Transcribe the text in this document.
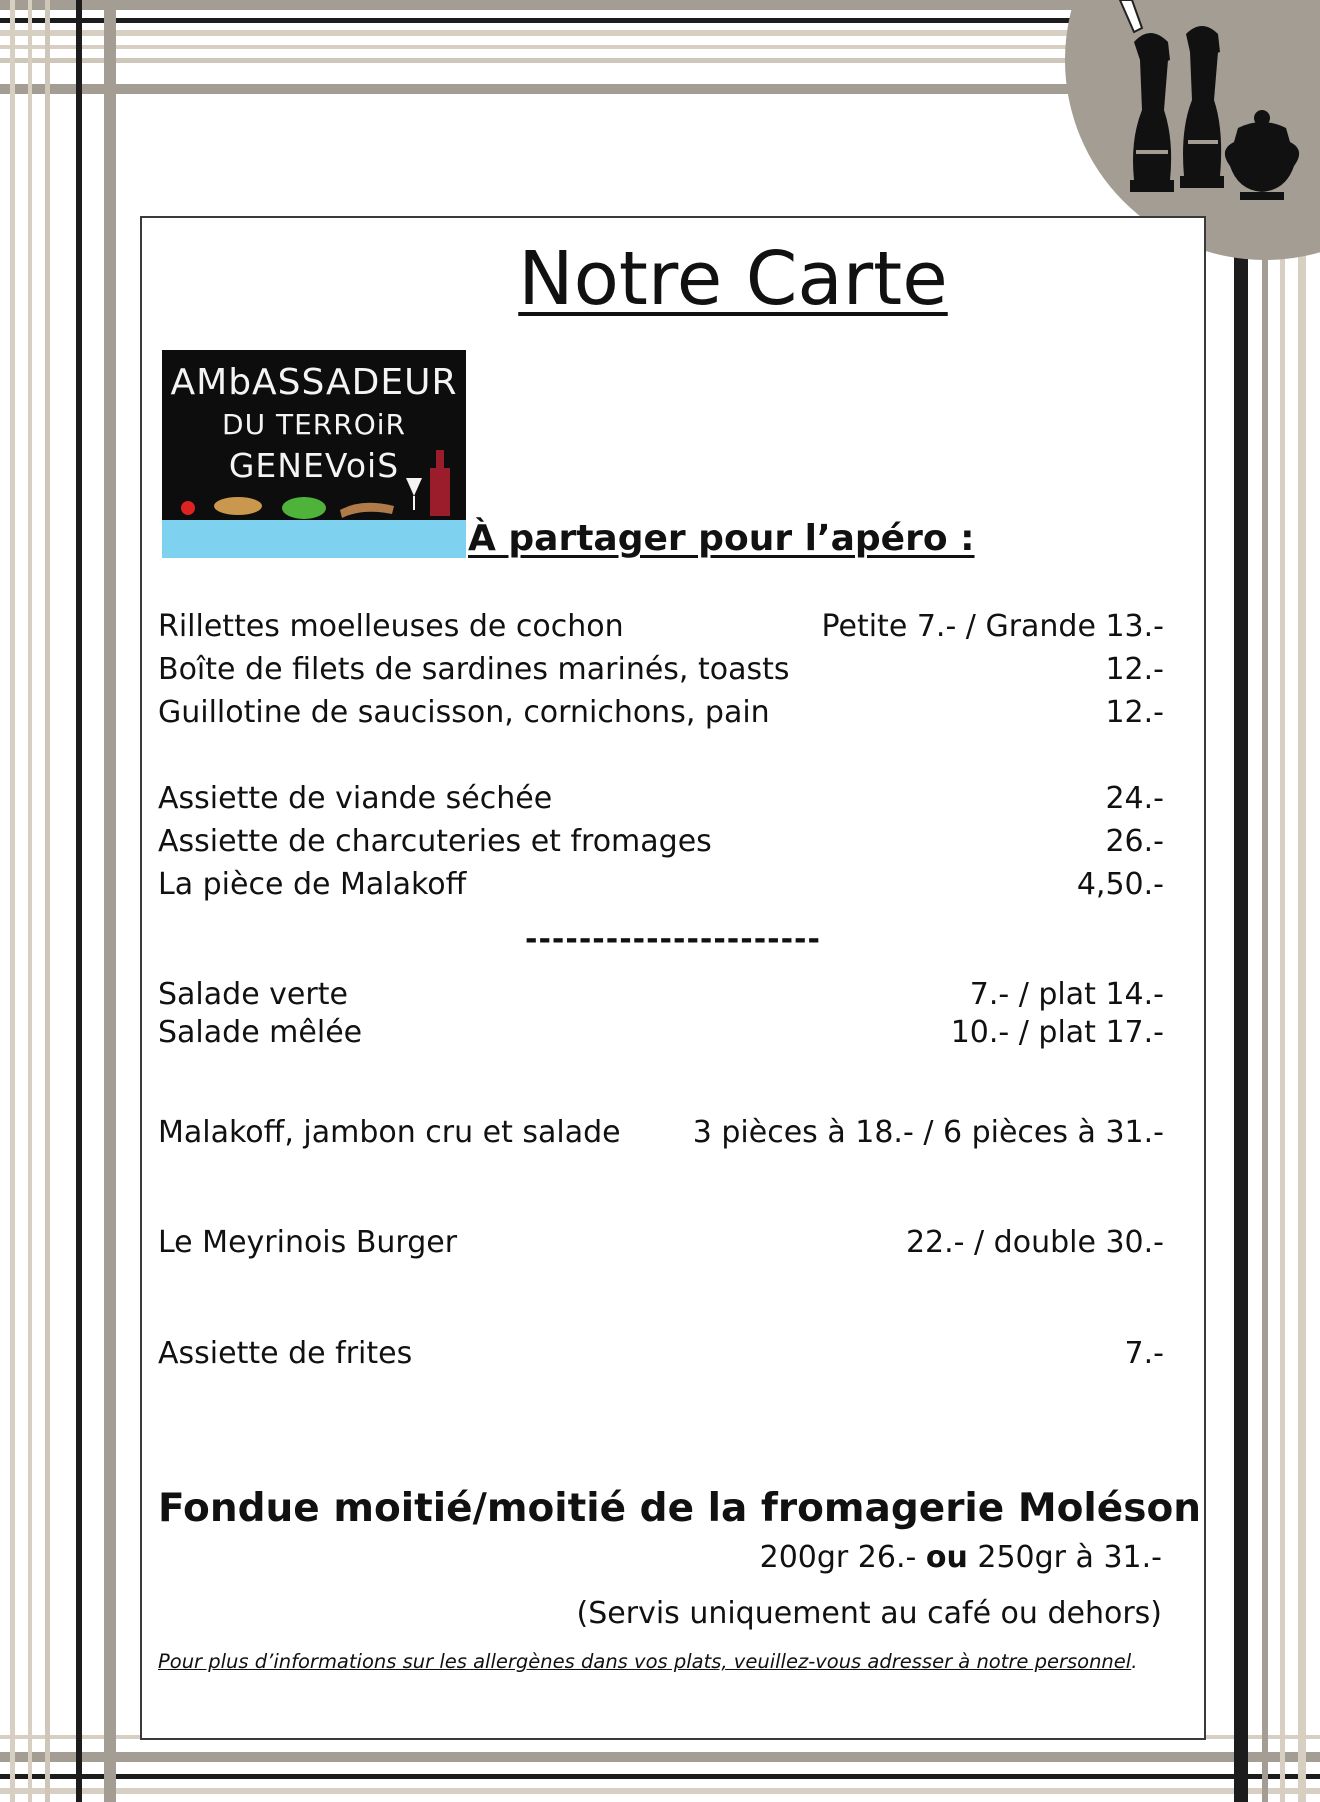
Notre Carte
AMbASSADEUR
DU TERROiR
GENEVoiS
À partager pour l’apéro :
Rillettes moelleuses de cochon	Petite 7.- / Grande 13.-
Boîte de filets de sardines marinés, toasts	12.-
Guillotine de saucisson, cornichons, pain	12.-
Assiette de viande séchée	24.-
Assiette de charcuteries et fromages	26.-
La pièce de Malakoff	4,50.-
----------------------
Salade verte	7.- / plat 14.-
Salade mêlée	10.- / plat 17.-
Malakoff, jambon cru et salade 3 pièces à 18.- / 6 pièces à 31.-
Le Meyrinois Burger	22.- / double 30.-
Assiette de frites	7.-
Fondue moitié/moitié de la fromagerie Moléson
200gr 26.- ou 250gr à 31.-
(Servis uniquement au café ou dehors)
Pour plus d’informations sur les allergènes dans vos plats, veuillez-vous adresser à notre personnel.
